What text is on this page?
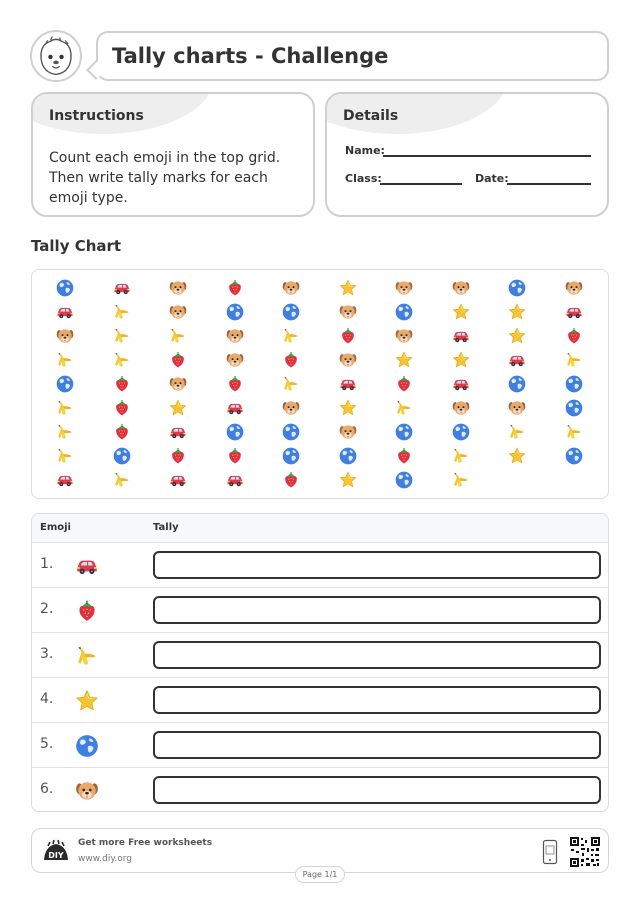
Tally charts - Challenge
Instructions
Count each emoji in the top grid. Then write tally marks for each emoji type.
Details
Name:
Class:	Date:
Tally Chart
Emoji	Tally
1.
2.
3.
4.
5.
6.
DIY
Get more Free worksheets
www.diy.org
Page 1/1
